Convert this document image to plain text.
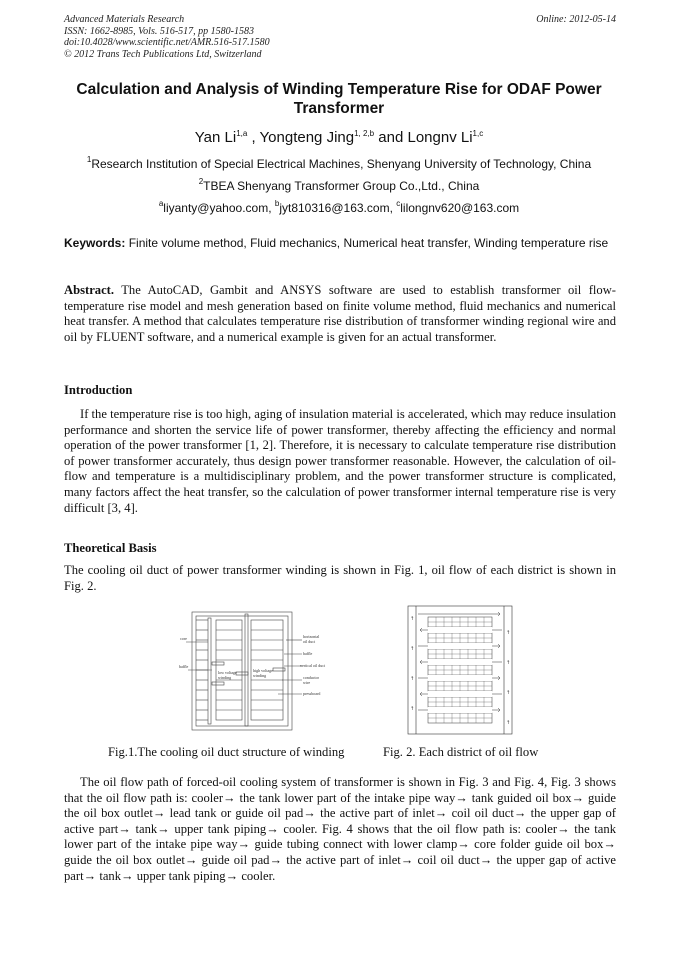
Advanced Materials Research
ISSN: 1662-8985, Vols. 516-517, pp 1580-1583
doi:10.4028/www.scientific.net/AMR.516-517.1580
© 2012 Trans Tech Publications Ltd, Switzerland
Online: 2012-05-14
Calculation and Analysis of Winding Temperature Rise for ODAF Power
Transformer
Yan Li$^{1,a}$ , Yongteng Jing$^{1, 2,b}$ and Longnv Li$^{1,c}$
$^1$Research Institution of Special Electrical Machines, Shenyang University of Technology, China
$^2$TBEA Shenyang Transformer Group Co.,Ltd., China
$^a$liyanty@yahoo.com, $^b$jyt810316@163.com, $^c$lilongnv620@163.com
Keywords: Finite volume method, Fluid mechanics, Numerical heat transfer, Winding temperature rise
Abstract. The AutoCAD, Gambit and ANSYS software are used to establish transformer oil flow-temperature rise model and mesh generation based on finite volume method, fluid mechanics and numerical heat transfer. A method that calculates temperature rise distribution of transformer winding regional wire and oil by FLUENT software, and a numerical example is given for an actual transformer.
Introduction
If the temperature rise is too high, aging of insulation material is accelerated, which may reduce insulation performance and shorten the service life of power transformer, thereby affecting the efficiency and normal operation of the power transformer [1, 2]. Therefore, it is necessary to calculate temperature rise distribution of power transformer accurately, thus design power transformer reasonable. However, the calculation of oil-flow and temperature is a multidisciplinary problem, and the power transformer structure is complicated, many factors affect the heat transfer, so the calculation of power transformer internal temperature rise is very difficult [3, 4].
Theoretical Basis
The cooling oil duct of power transformer winding is shown in Fig. 1, oil flow of each district is shown in Fig. 2.
core
baffle
horizontal
oil duct
baffle
vertical oil duct
low voltage
winding
high voltage
winding	conductor
wire
pressboard
↑
↑
↑
↑
↑
↑
↑
↑
Fig.1.The cooling oil duct structure of winding	Fig. 2. Each district of oil flow
The oil flow path of forced-oil cooling system of transformer is shown in Fig. 3 and Fig. 4, Fig. 3 shows that the oil flow path is: cooler→ the tank lower part of the intake pipe way→ tank guided oil box→ guide the oil box outlet→ lead tank or guide oil pad→ the active part of inlet→ coil oil duct→ the upper gap of active part→ tank→ upper tank piping→ cooler. Fig. 4 shows that the oil flow path is: cooler→ the tank lower part of the intake pipe way→ guide tubing connect with lower clamp→ core folder guide oil box→ guide the oil box outlet→ guide oil pad→ the active part of inlet→ coil oil duct→ the upper gap of active part→ tank→ upper tank piping→ cooler.
